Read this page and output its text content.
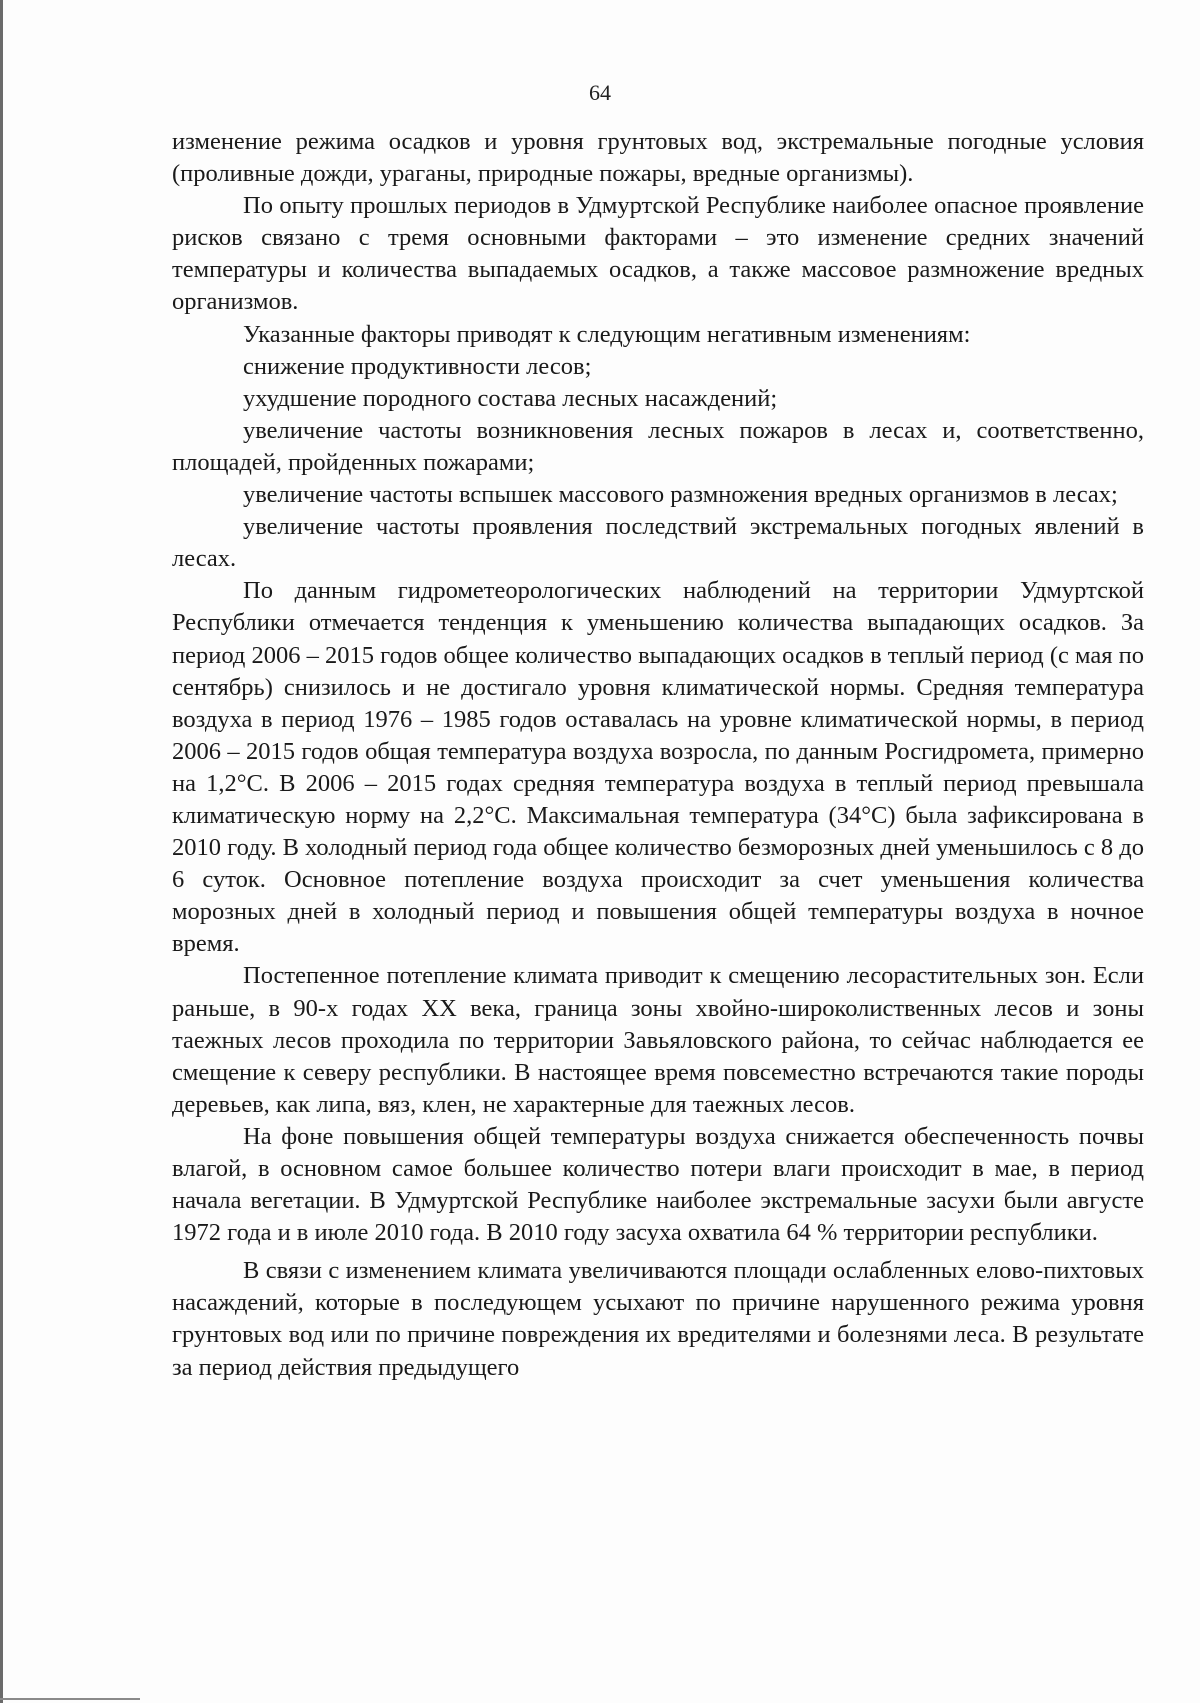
64

изменение режима осадков и уровня грунтовых вод, экстремальные погодные условия (проливные дожди, ураганы, природные пожары, вредные организмы).

По опыту прошлых периодов в Удмуртской Республике наиболее опасное проявление рисков связано с тремя основными факторами – это изменение средних значений температуры и количества выпадаемых осадков, а также массовое размножение вредных организмов.

Указанные факторы приводят к следующим негативным изменениям:

снижение продуктивности лесов;

ухудшение породного состава лесных насаждений;

увеличение частоты возникновения лесных пожаров в лесах и, соответственно, площадей, пройденных пожарами;

увеличение частоты вспышек массового размножения вредных организмов в лесах;

увеличение частоты проявления последствий экстремальных погодных явлений в лесах.

По данным гидрометеорологических наблюдений на территории Удмуртской Республики отмечается тенденция к уменьшению количества выпадающих осадков. За период 2006 – 2015 годов общее количество выпадающих осадков в теплый период (с мая по сентябрь) снизилось и не достигало уровня климатической нормы. Средняя температура воздуха в период 1976 – 1985 годов оставалась на уровне климатической нормы, в период 2006 – 2015 годов общая температура воздуха возросла, по данным Росгидромета, примерно на 1,2°С. В 2006 – 2015 годах средняя температура воздуха в теплый период превышала климатическую норму на 2,2°С. Максимальная температура (34°С) была зафиксирована в 2010 году. В холодный период года общее количество безморозных дней уменьшилось с 8 до 6 суток. Основное потепление воздуха происходит за счет уменьшения количества морозных дней в холодный период и повышения общей температуры воздуха в ночное время.

Постепенное потепление климата приводит к смещению лесорастительных зон. Если раньше, в 90-х годах XX века, граница зоны хвойно-широколиственных лесов и зоны таежных лесов проходила по территории Завьяловского района, то сейчас наблюдается ее смещение к северу республики. В настоящее время повсеместно встречаются такие породы деревьев, как липа, вяз, клен, не характерные для таежных лесов.

На фоне повышения общей температуры воздуха снижается обеспеченность почвы влагой, в основном самое большее количество потери влаги происходит в мае, в период начала вегетации. В Удмуртской Республике наиболее экстремальные засухи были августе 1972 года и в июле 2010 года. В 2010 году засуха охватила 64 % территории республики.

В связи с изменением климата увеличиваются площади ослабленных елово-пихтовых насаждений, которые в последующем усыхают по причине нарушенного режима уровня грунтовых вод или по причине повреждения их вредителями и болезнями леса. В результате за период действия предыдущего
